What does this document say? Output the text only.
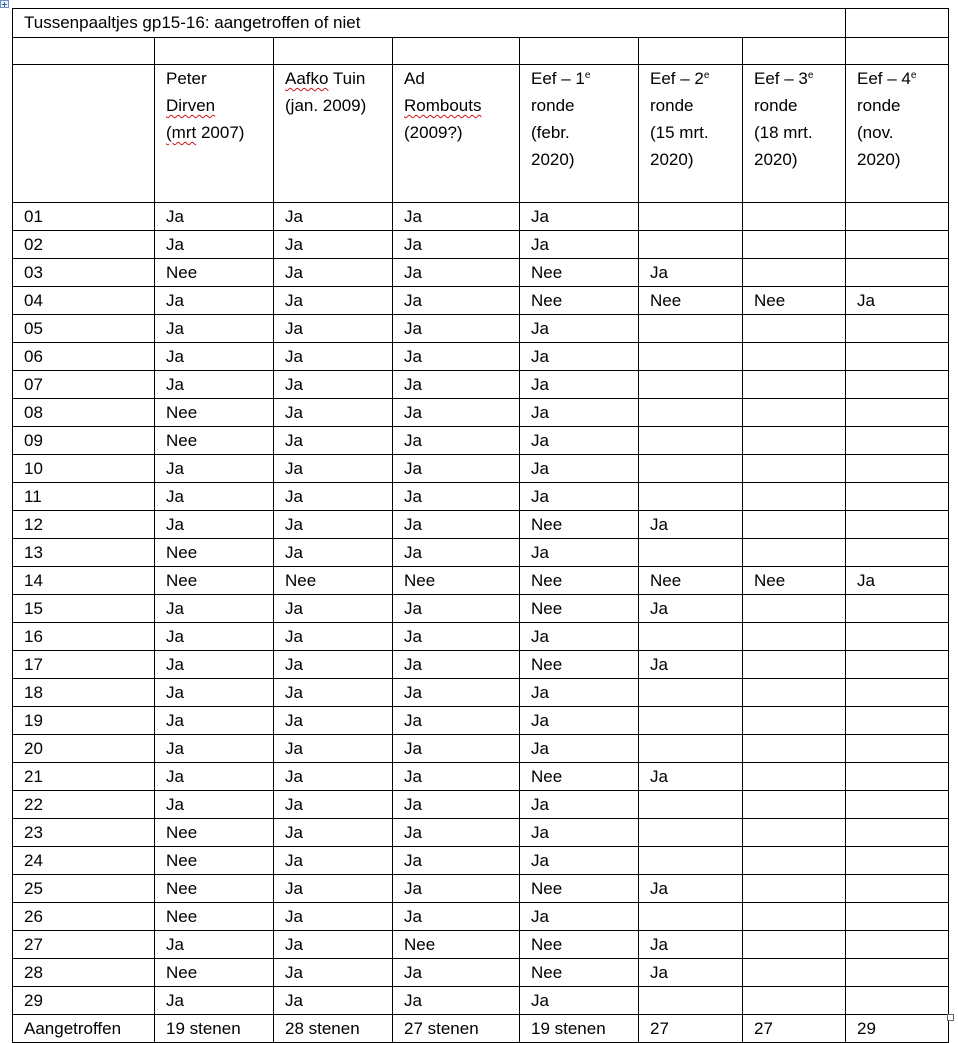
Tussenpaaltjes gp15-16: aangetroffen of niet							

	Peter
Dirven
(mrt 2007)	Aafko Tuin
(jan. 2009)	Ad
Rombouts
(2009?)	Eef – 1e
ronde
(febr.
2020)	Eef – 2e
ronde
(15 mrt.
2020)	Eef – 3e
ronde
(18 mrt.
2020)	Eef – 4e
ronde
(nov.
2020)

01	Ja	Ja	Ja	Ja			
02	Ja	Ja	Ja	Ja			
03	Nee	Ja	Ja	Nee	Ja		
04	Ja	Ja	Ja	Nee	Nee	Nee	Ja
05	Ja	Ja	Ja	Ja			
06	Ja	Ja	Ja	Ja			
07	Ja	Ja	Ja	Ja			
08	Nee	Ja	Ja	Ja			
09	Nee	Ja	Ja	Ja			
10	Ja	Ja	Ja	Ja			
11	Ja	Ja	Ja	Ja			
12	Ja	Ja	Ja	Nee	Ja		
13	Nee	Ja	Ja	Ja			
14	Nee	Nee	Nee	Nee	Nee	Nee	Ja
15	Ja	Ja	Ja	Nee	Ja		
16	Ja	Ja	Ja	Ja			
17	Ja	Ja	Ja	Nee	Ja		
18	Ja	Ja	Ja	Ja			
19	Ja	Ja	Ja	Ja			
20	Ja	Ja	Ja	Ja			
21	Ja	Ja	Ja	Nee	Ja		
22	Ja	Ja	Ja	Ja			
23	Nee	Ja	Ja	Ja			
24	Nee	Ja	Ja	Ja			
25	Nee	Ja	Ja	Nee	Ja		
26	Nee	Ja	Ja	Ja			
27	Ja	Ja	Nee	Nee	Ja		
28	Nee	Ja	Ja	Nee	Ja		
29	Ja	Ja	Ja	Ja			
Aangetroffen	19 stenen	28 stenen	27 stenen	19 stenen	27	27	29
